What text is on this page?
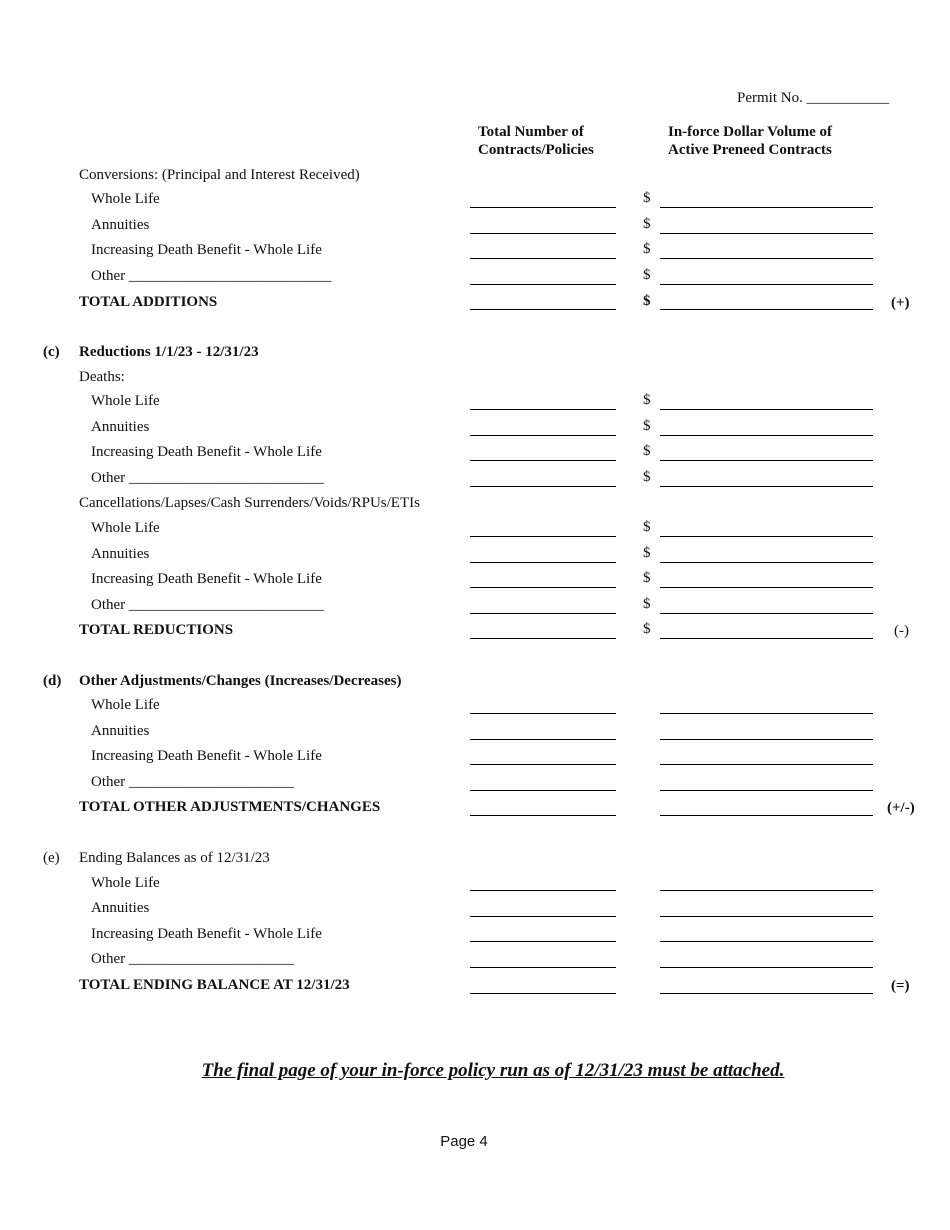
Permit No. ___________
Total Number of
Contracts/Policies
In-force Dollar Volume of
Active Preneed Contracts
Conversions: (Principal and Interest Received)
Whole Life	$
Annuities	$
Increasing Death Benefit - Whole Life	$
Other ___________________________	$
TOTAL ADDITIONS	$	(+)
(c) Reductions 1/1/23 - 12/31/23
Deaths:
Whole Life	$
Annuities	$
Increasing Death Benefit - Whole Life	$
Other __________________________	$
Cancellations/Lapses/Cash Surrenders/Voids/RPUs/ETIs
Whole Life	$
Annuities	$
Increasing Death Benefit - Whole Life	$
Other __________________________	$
TOTAL REDUCTIONS	$	(-)
(d) Other Adjustments/Changes (Increases/Decreases)
Whole Life
Annuities
Increasing Death Benefit - Whole Life
Other ______________________
TOTAL OTHER ADJUSTMENTS/CHANGES	(+/-)
(e) Ending Balances as of 12/31/23
Whole Life
Annuities
Increasing Death Benefit - Whole Life
Other ______________________
TOTAL ENDING BALANCE AT 12/31/23	(=)
The final page of your in-force policy run as of 12/31/23 must be attached.
Page 4
